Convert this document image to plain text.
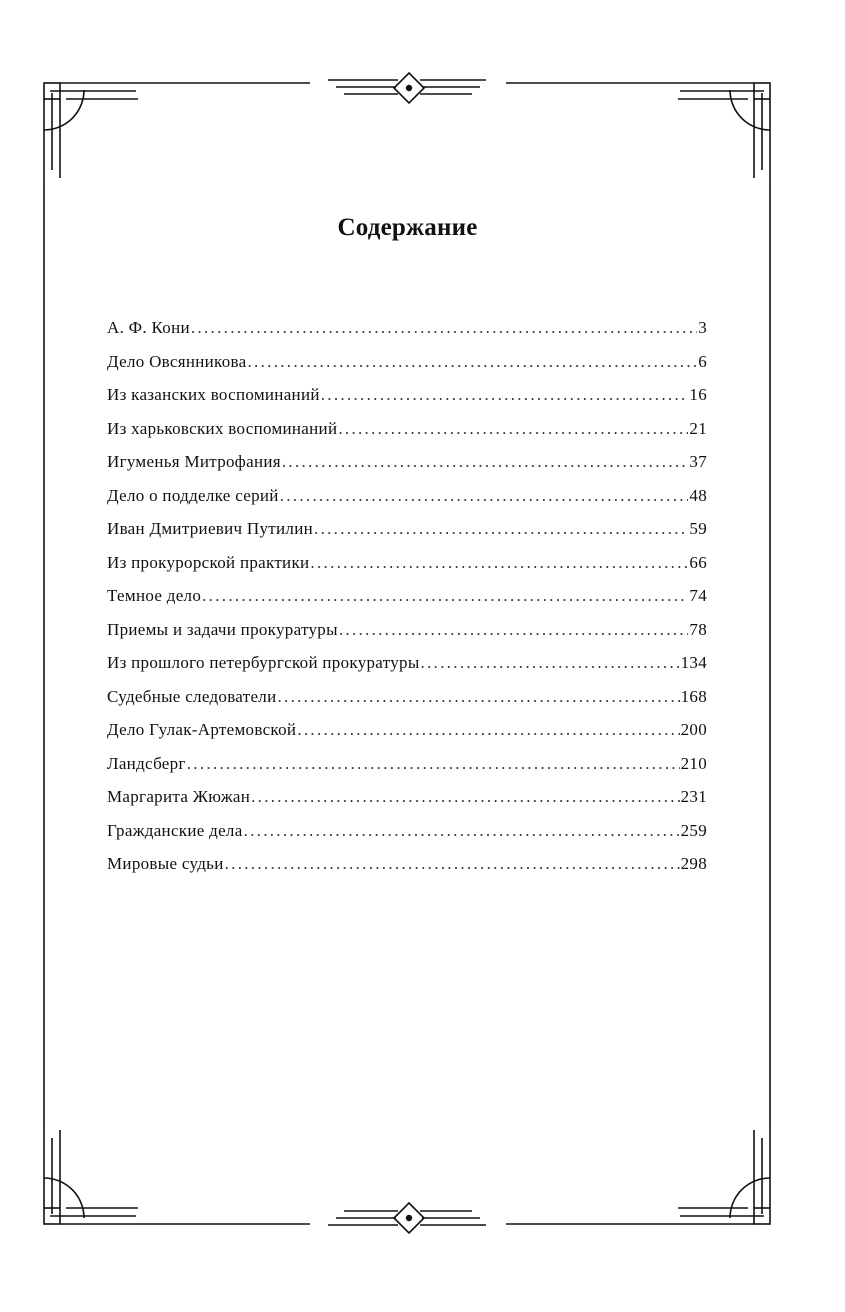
Содержание
А. Ф. Кони .....	3
Дело Овсянникова .....	6
Из казанских воспоминаний .....	16
Из харьковских воспоминаний .....	21
Игуменья Митрофания .....	37
Дело о подделке серий .....	48
Иван Дмитриевич Путилин .....	59
Из прокурорской практики .....	66
Темное дело .....	74
Приемы и задачи прокуратуры .....	78
Из прошлого петербургской прокуратуры .....	134
Судебные следователи .....	168
Дело Гулак-Артемовской .....	200
Ландсберг .....	210
Маргарита Жюжан .....	231
Гражданские дела .....	259
Мировые судьи .....	298
